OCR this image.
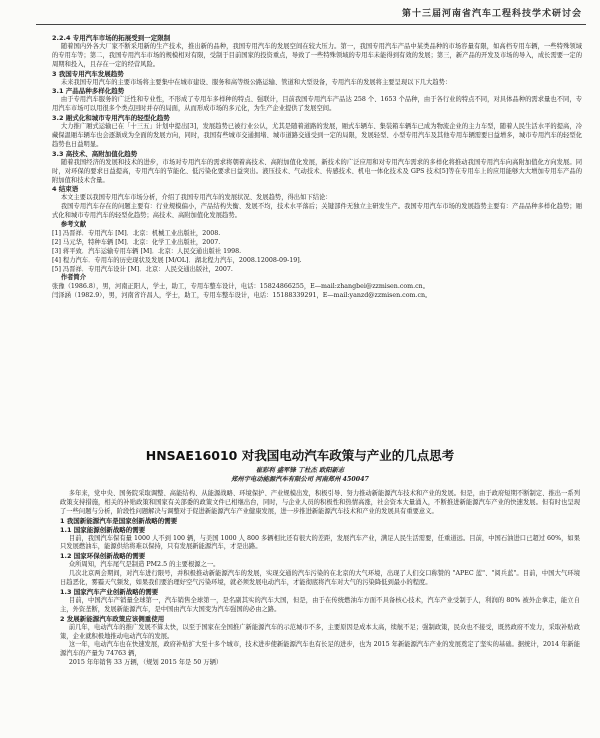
第十三届河南省汽车工程科技学术研讨会

2.2.4 专用汽车市场的拓展受到一定限制

随着国内外各大厂家不断采用新的生产技术，推出新的品种，我国专用汽车的发展空间在较大压力。第一，我国专用汽车产品中某类品种的市场容量有限，如高档专用车辆，一些特殊领域的专用车等；第二，我国专用汽车市场的规模相对有限，受制于目前国家的投资重点，导致了一些特殊领域的专用车未能得到有效的发展；第三，新产品的开发及市场的导入，成长需要一定的周期和投入，且存在一定的经营风险。

3 我国专用汽车发展趋势

未来我国专用汽车的主要市场将主要集中在城市建设、服务和高等级公路运输、管道和大型设备，专用汽车的发展将主要呈现以下几大趋势：

3.1 产品品种多样化趋势

由于专用汽车服务的广泛性和专业性，不形成了专用车多样种的特点、强联计，目前我国专用汽车产品达 258 个、1653 个品种，由于各行业的特点不同，对具体品种的需求量也不同，专用汽车市场可以用很多个类点回时并存的局面，从而形成市场的多元化，为生产企业提供了发展空间。

3.2 厢式化和城市专用汽车的轻型化趋势

大力推广厢式运输已在「十三五」计划中提出[3]，发展趋势已被行业公认，尤其是随着道路的发展，厢式车辆车、集装箱车辆车已成为物流企业的主力车型，随着人民生活水平的提高，冷藏保温厢车辆车也会逐渐成为全面的发展方向，同时，我国有些城市交通拥堵、城市道路交通受到一定的局限，发展轻型、小型专用汽车及其他专用车辆需要日益增多，城市专用汽车的轻型化趋势也日益明显。

3.3 高技术、高附加值化趋势

随着我国经济的发展和技术的进步，市场对专用汽车的需求将朝着高技术、高附加值化发展，新技术的广泛应用和对专用汽车需求的多样化将推动我国专用汽车向高附加值化方向发展。同时，对环保的要求日益提高，专用汽车的节能化、低污染化要求日益突出。液压技术、气动技术、传感技术、机电一体化技术及 GPS 技术[5]等在专用车上的应用能够大大增加专用车产品的附加值和技术含量。

4 结束语

本文主要以我国专用汽车市场分析，介绍了我国专用汽车的发展状况、发展趋势，得出如下结论：

我国专用汽车存在的问题主要有：行业规模偏小，产品结构失衡、发展不均，技术水平落后；关键部件无独立主研发生产。我国专用汽车市场的发展趋势主要有：产品品种多样化趋势；厢式化和城市专用汽车的轻型化趋势；高技术、高附加值化发展趋势。

参考文献

[1] 冯晋祥．专用汽车 [M]．北京：机械工业出版社，2008.

[2] 马元华，特种车辆 [M]．北京：化学工业出版社，2007.

[3] 蒋平致．汽车运输专用车辆 [M]．北京：人民交通出版社 1998.

[4] 程力汽车．专用车的历史现状及发展 [M/OL]．湖北程力汽车，2008.12008-09-19].

[5] 冯晋祥．专用汽车设计 [M]．北京：人民交通出版社，2007.

作者简介

张豫（1986.8），男，河南正阳人，学士，助工，专用车整车设计，电话：15824866255，E—mail:zhangbei@zzmisen.com.cn。

闫泽涵（1982.9），男，河南省许昌人，学士，助工，专用车整车设计，电话：15188339291，E—mail:yanzd@zzmisen.com.cn。

HNSAE16010 对我国电动汽车政策与产业的几点思考
崔彩利 盛军锋 丁杜杰 欧阳新志
郑州宇电动能源汽车有限公司 河南郑州 450047

多年来，党中央、国务院采取调整、高能结构、从能源战略、环境保护、产业规模出发，积极引导、努力推动新能源汽车技术和产业的发展。但是，由于政府短期不断制定、推出一系列政策支持措施，相关的补贴政策和国家有关部委的政策文件已相继出台，同时，与企业人员的积极性和热情高涨，社会资本大量涌入，不断推进新能源汽车产业的快速发展。但有时也呈现了一些问题与分析，阶段性问题解决与调整对于促进新能源汽车产业健康发展，进一步推进新能源汽车技术和产业的发展具有重要意义。

1 我国新能源汽车是国家创新战略的需要

1.1 国家能源创新战略的需要

目前，我国汽车保有量 1000 人不到 100 辆，与美国 1000 人 800 多辆相比还有很大的差距，发展汽车产业，满足人民生活需要，任重道远。目前，中国石油进口已超过 60%，如果只发展燃油车，能源供给将难以保持，只有发展新能源汽车，才是出路。

1.2 国家环保创新战略的需要

众所周知，汽车尾气是制造 PM2.5 的主要根源之一。

几次北京两会期间，对汽车进行限号，并积极推动新能源汽车的发展，实现交通的汽车污染的在北京的大气环境，出现了人们交口称赞的 "APEC 蓝"、"阅兵蓝"。目前，中国大气环境日趋恶化，雾霾天气频发，如果我们要治理好空气污染环境，就必须发展电动汽车，才能彻底将汽车对大气的污染降低到最小的程度。

1.3 国家汽车产业创新战略的需要

目前，中国汽车产销量全球第一，汽车销售全球第一，是名副其实的汽车大国，但是，由于在传统燃油车方面不具备核心技术，汽车产业受制于人，利润的 80% 被外企拿走，能立自主，外资垄断，发展新能源汽车，是中国由汽车大国变为汽车强国的必由之路。

2 发展新能源汽车政策应该侧重使用

前几年，电动汽车的推广发展不算太快，以至于国家在全国推广新能源汽车的示范城市不多，主要原因是成本太高，续航不足；强制政策，民众也不接受，既然政府不发力，采取补贴政策，企业就积极地推动电动汽车的发展。

这一年，电动汽车也在快速发展，政府补贴扩大至十多个城市，技术进步使新能源汽车也有长足的进步，也为 2015 年新能源汽车产业的发展奠定了坚实的基础。据统计，2014 年新能源汽车的产量为 74763 辆，

2015 年年销售 33 万辆，（规划 2015 年是 50 万辆）
